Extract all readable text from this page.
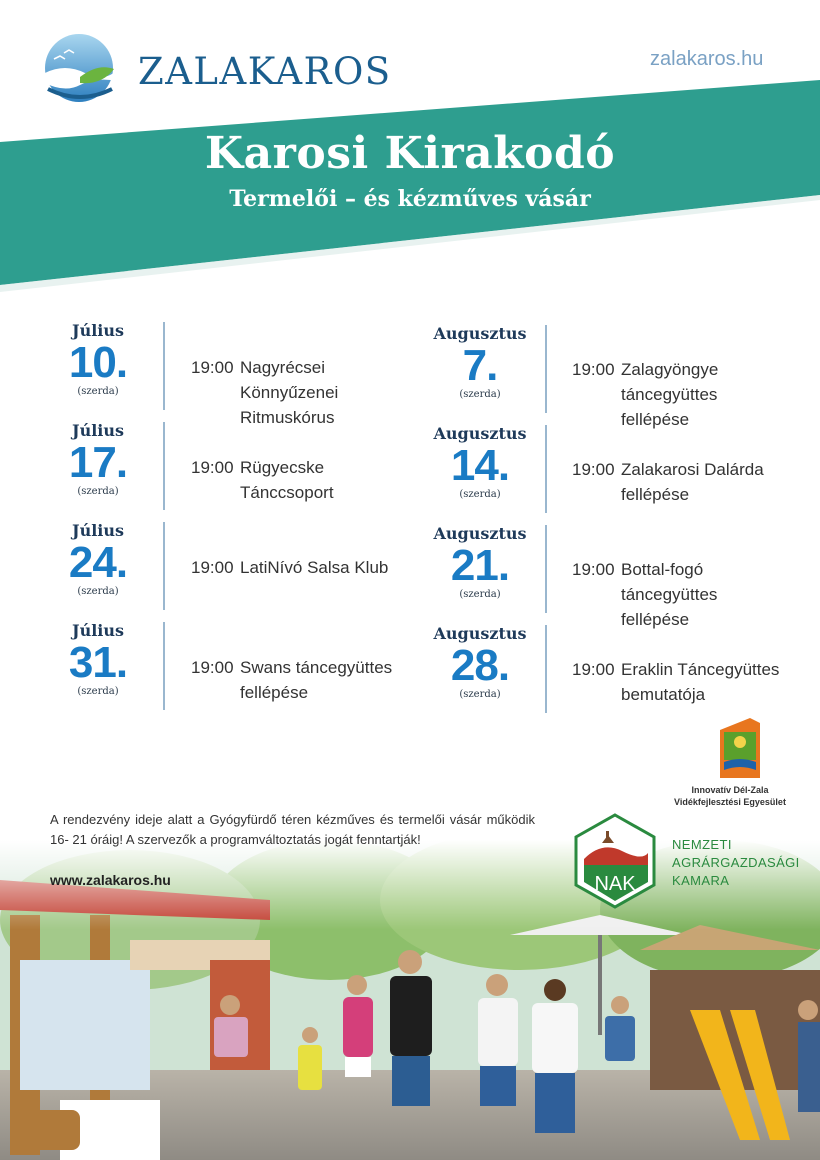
ZALAKAROS	zalakaros.hu
Karosi Kirakodó
Termelői – és kézműves vásár
Július
10.
(szerda)
19:00 Nagyrécsei Könnyűzenei Ritmuskórus
Július
17.
(szerda)
19:00 Rügyecske Tánccsoport
Július
24.
(szerda)
19:00 LatiNívó Salsa Klub
Július
31.
(szerda)
19:00 Swans táncegyüttes fellépése
Augusztus
7.
(szerda)
19:00 Zalagyöngye táncegyüttes fellépése
Augusztus
14.
(szerda)
19:00 Zalakarosi Dalárda fellépése
Augusztus
21.
(szerda)
19:00 Bottal-fogó táncegyüttes fellépése
Augusztus
28.
(szerda)
19:00 Eraklin Táncegyüttes bemutatója
A rendezvény ideje alatt a Gyógyfürdő téren kézműves és termelői vásár működik 16- 21 óráig! A szervezők a programváltoztatás jogát fenntartják!
www.zalakaros.hu
Innovatív Dél-Zala
Vidékfejlesztési Egyesület
NAK
NEMZETI
AGRÁRGAZDASÁGI
KAMARA
